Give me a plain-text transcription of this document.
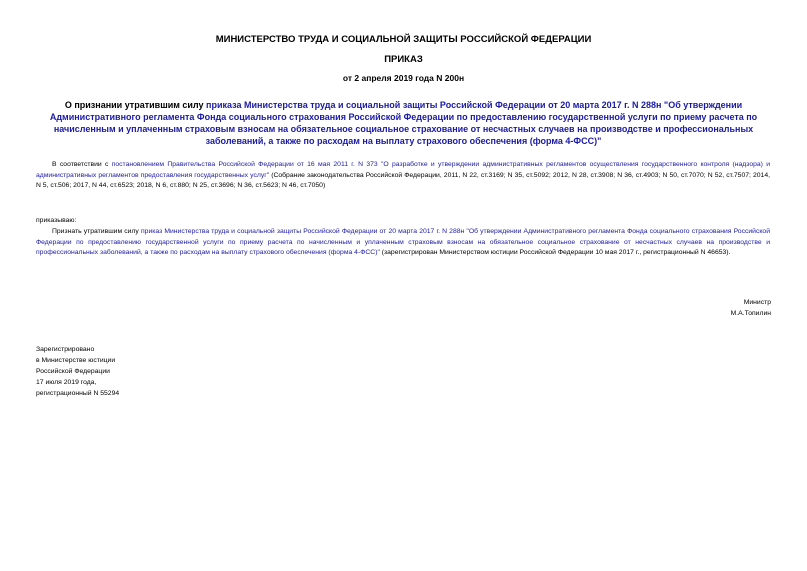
МИНИСТЕРСТВО ТРУДА И СОЦИАЛЬНОЙ ЗАЩИТЫ РОССИЙСКОЙ ФЕДЕРАЦИИ
ПРИКАЗ
от 2 апреля 2019 года N 200н
О признании утратившим силу приказа Министерства труда и социальной защиты Российской Федерации от 20 марта 2017 г. N 288н "Об утверждении Административного регламента Фонда социального страхования Российской Федерации по предоставлению государственной услуги по приему расчета по начисленным и уплаченным страховым взносам на обязательное социальное страхование от несчастных случаев на производстве и профессиональных заболеваний, а также по расходам на выплату страхового обеспечения (форма 4-ФСС)"
В соответствии с постановлением Правительства Российской Федерации от 16 мая 2011 г. N 373 "О разработке и утверждении административных регламентов осуществления государственного контроля (надзора) и административных регламентов предоставления государственных услуг" (Собрание законодательства Российской Федерации, 2011, N 22, ст.3169; N 35, ст.5092; 2012, N 28, ст.3908; N 36, ст.4903; N 50, ст.7070; N 52, ст.7507; 2014, N 5, ст.506; 2017, N 44, ст.6523; 2018, N 6, ст.880; N 25, ст.3696; N 36, ст.5623; N 46, ст.7050)
приказываю:
Признать утратившим силу приказ Министерства труда и социальной защиты Российской Федерации от 20 марта 2017 г. N 288н "Об утверждении Административного регламента Фонда социального страхования Российской Федерации по предоставлению государственной услуги по приему расчета по начисленным и уплаченным страховым взносам на обязательное социальное страхование от несчастных случаев на производстве и профессиональных заболеваний, а также по расходам на выплату страхового обеспечения (форма 4-ФСС)" (зарегистрирован Министерством юстиции Российской Федерации 10 мая 2017 г., регистрационный N 46653).
Министр
М.А.Топилин
Зарегистрировано
в Министерстве юстиции
Российской Федерации
17 июля 2019 года,
регистрационный N 55294
